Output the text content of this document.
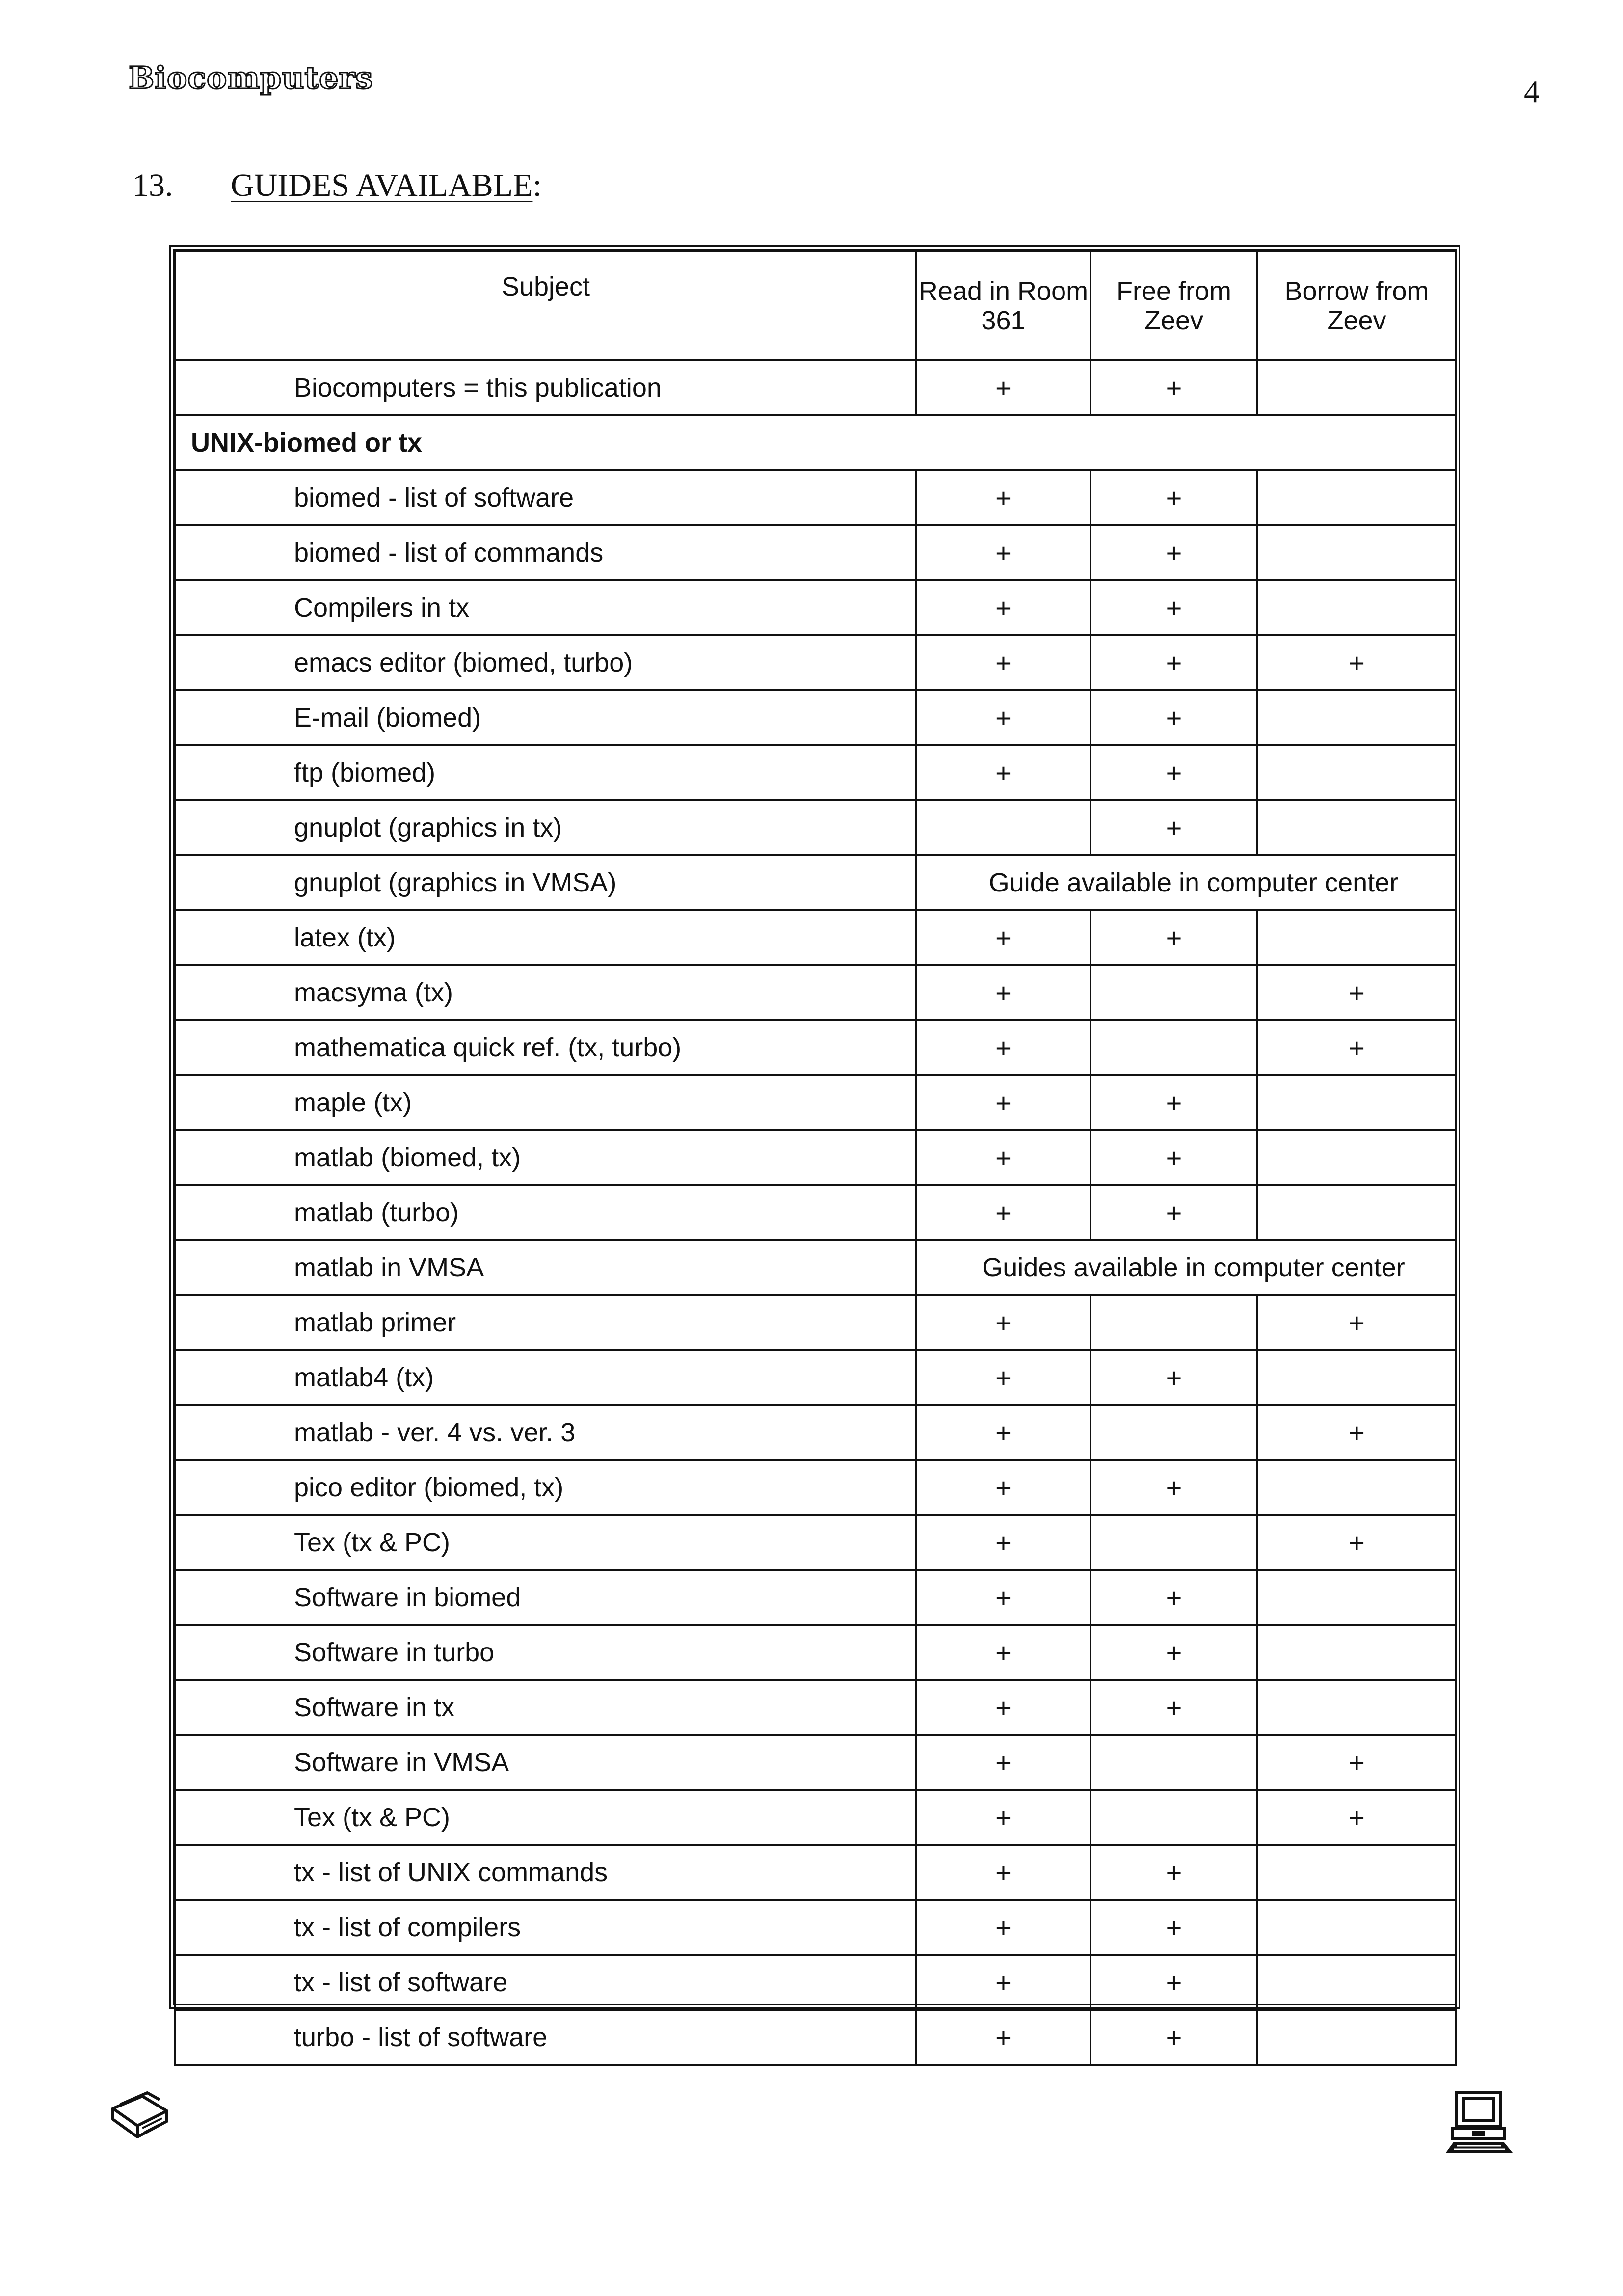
Biocomputers	4
13. GUIDES AVAILABLE:
Subject	Read in Room 361	Free from Zeev	Borrow from Zeev
Biocomputers = this publication	+	+	
UNIX-biomed or tx			
biomed - list of software	+	+	
biomed - list of commands	+	+	
Compilers in tx	+	+	
emacs editor (biomed, turbo)	+	+	+
E-mail (biomed)	+	+	
ftp (biomed)	+	+	
gnuplot (graphics in tx)		+	
gnuplot (graphics in VMSA)	Guide available in computer center		
latex (tx)	+	+	
macsyma (tx)	+		+
mathematica quick ref. (tx, turbo)	+		+
maple (tx)	+	+	
matlab (biomed, tx)	+	+	
matlab (turbo)	+	+	
matlab in VMSA	Guides available in computer center		
matlab primer	+		+
matlab4 (tx)	+	+	
matlab - ver. 4 vs. ver. 3	+		+
pico editor (biomed, tx)	+	+	
Tex (tx & PC)	+		+
Software in biomed	+	+	
Software in turbo	+	+	
Software in tx	+	+	
Software in VMSA	+		+
Tex (tx & PC)	+		+
tx - list of UNIX commands	+	+	
tx - list of compilers	+	+	
tx - list of software	+	+	
turbo - list of software	+	+	
